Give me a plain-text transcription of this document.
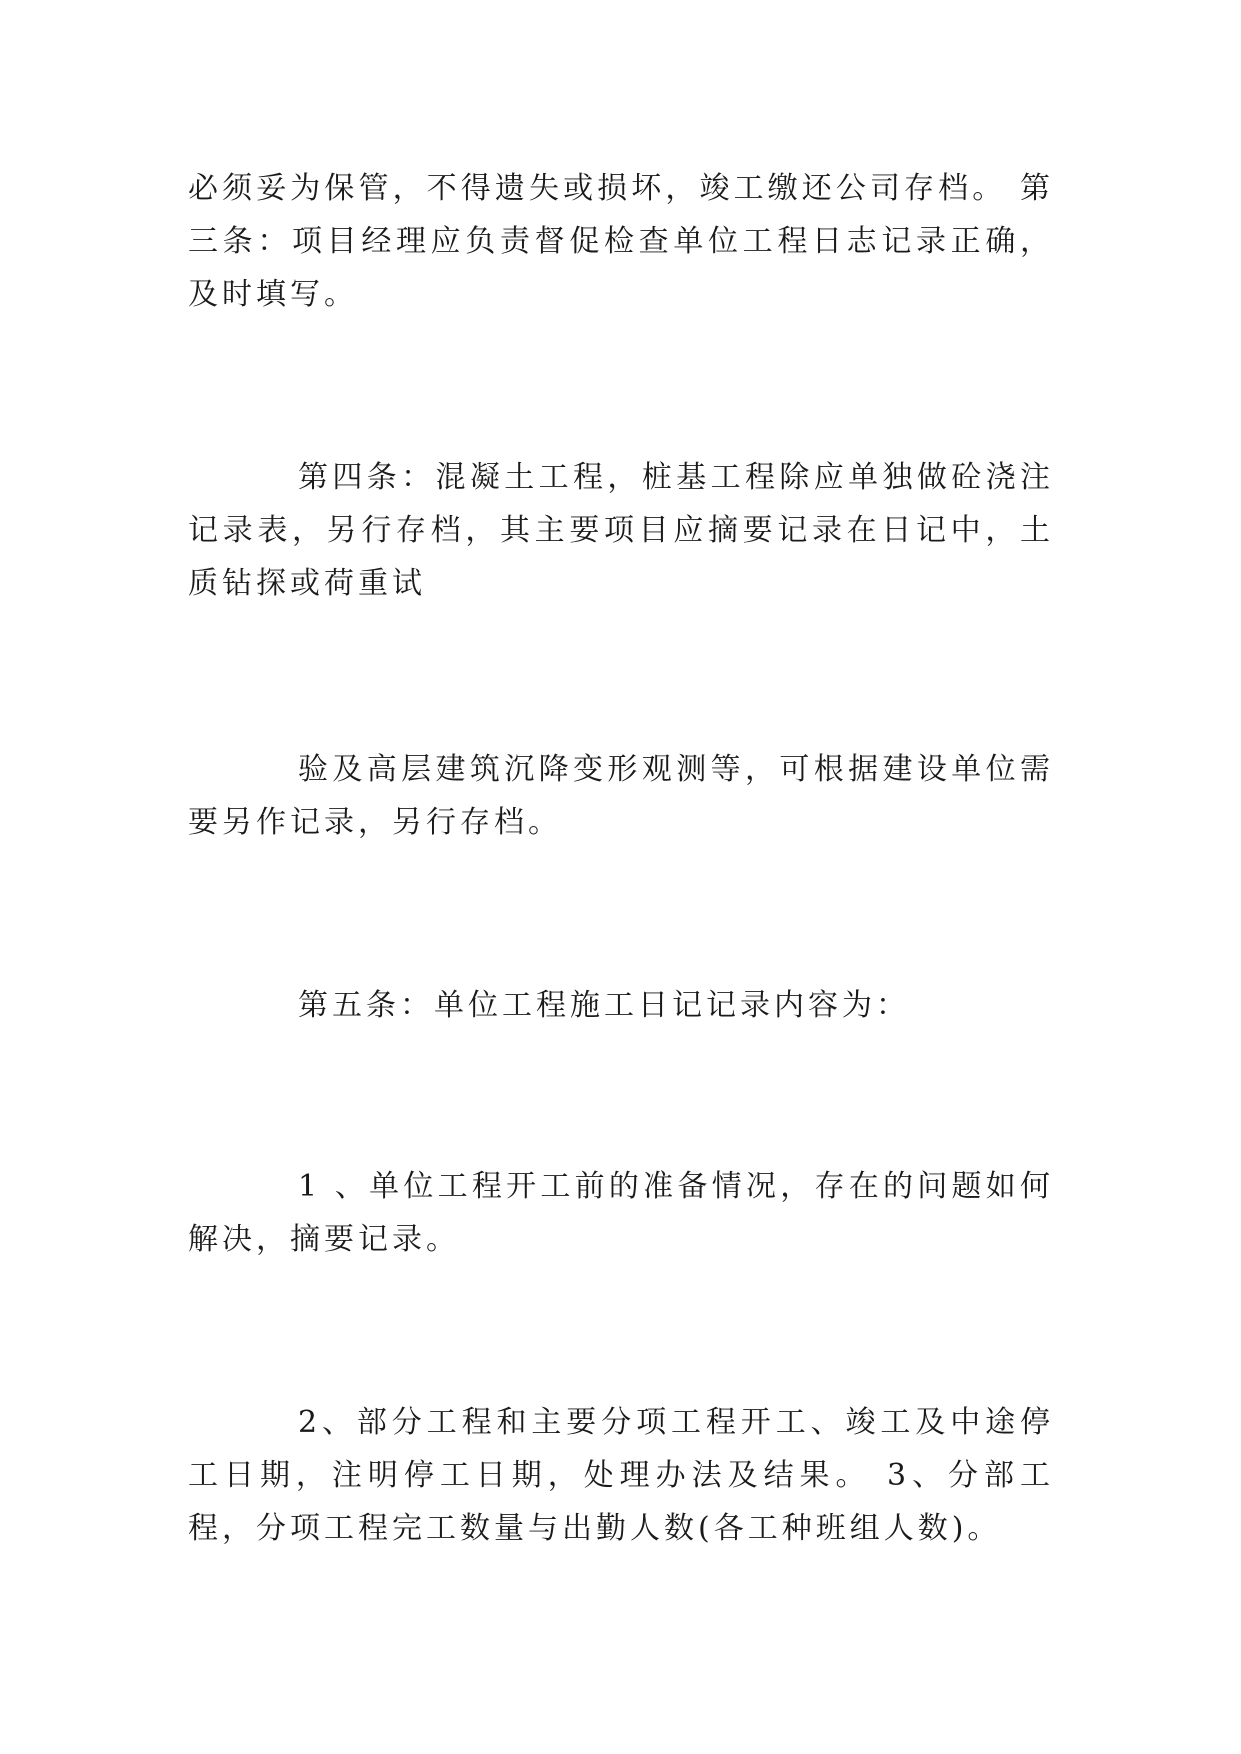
必须妥为保管，不得遗失或损坏，竣工缴还公司存档。 第三条：项目经理应负责督促检查单位工程日志记录正确，及时填写。

第四条：混凝土工程，桩基工程除应单独做砼浇注记录表，另行存档，其主要项目应摘要记录在日记中，土质钻探或荷重试

验及高层建筑沉降变形观测等，可根据建设单位需要另作记录，另行存档。

第五条：单位工程施工日记记录内容为：

1 、单位工程开工前的准备情况，存在的问题如何解决，摘要记录。

2、部分工程和主要分项工程开工、竣工及中途停工日期，注明停工日期，处理办法及结果。 3、分部工程，分项工程完工数量与出勤人数(各工种班组人数)。
